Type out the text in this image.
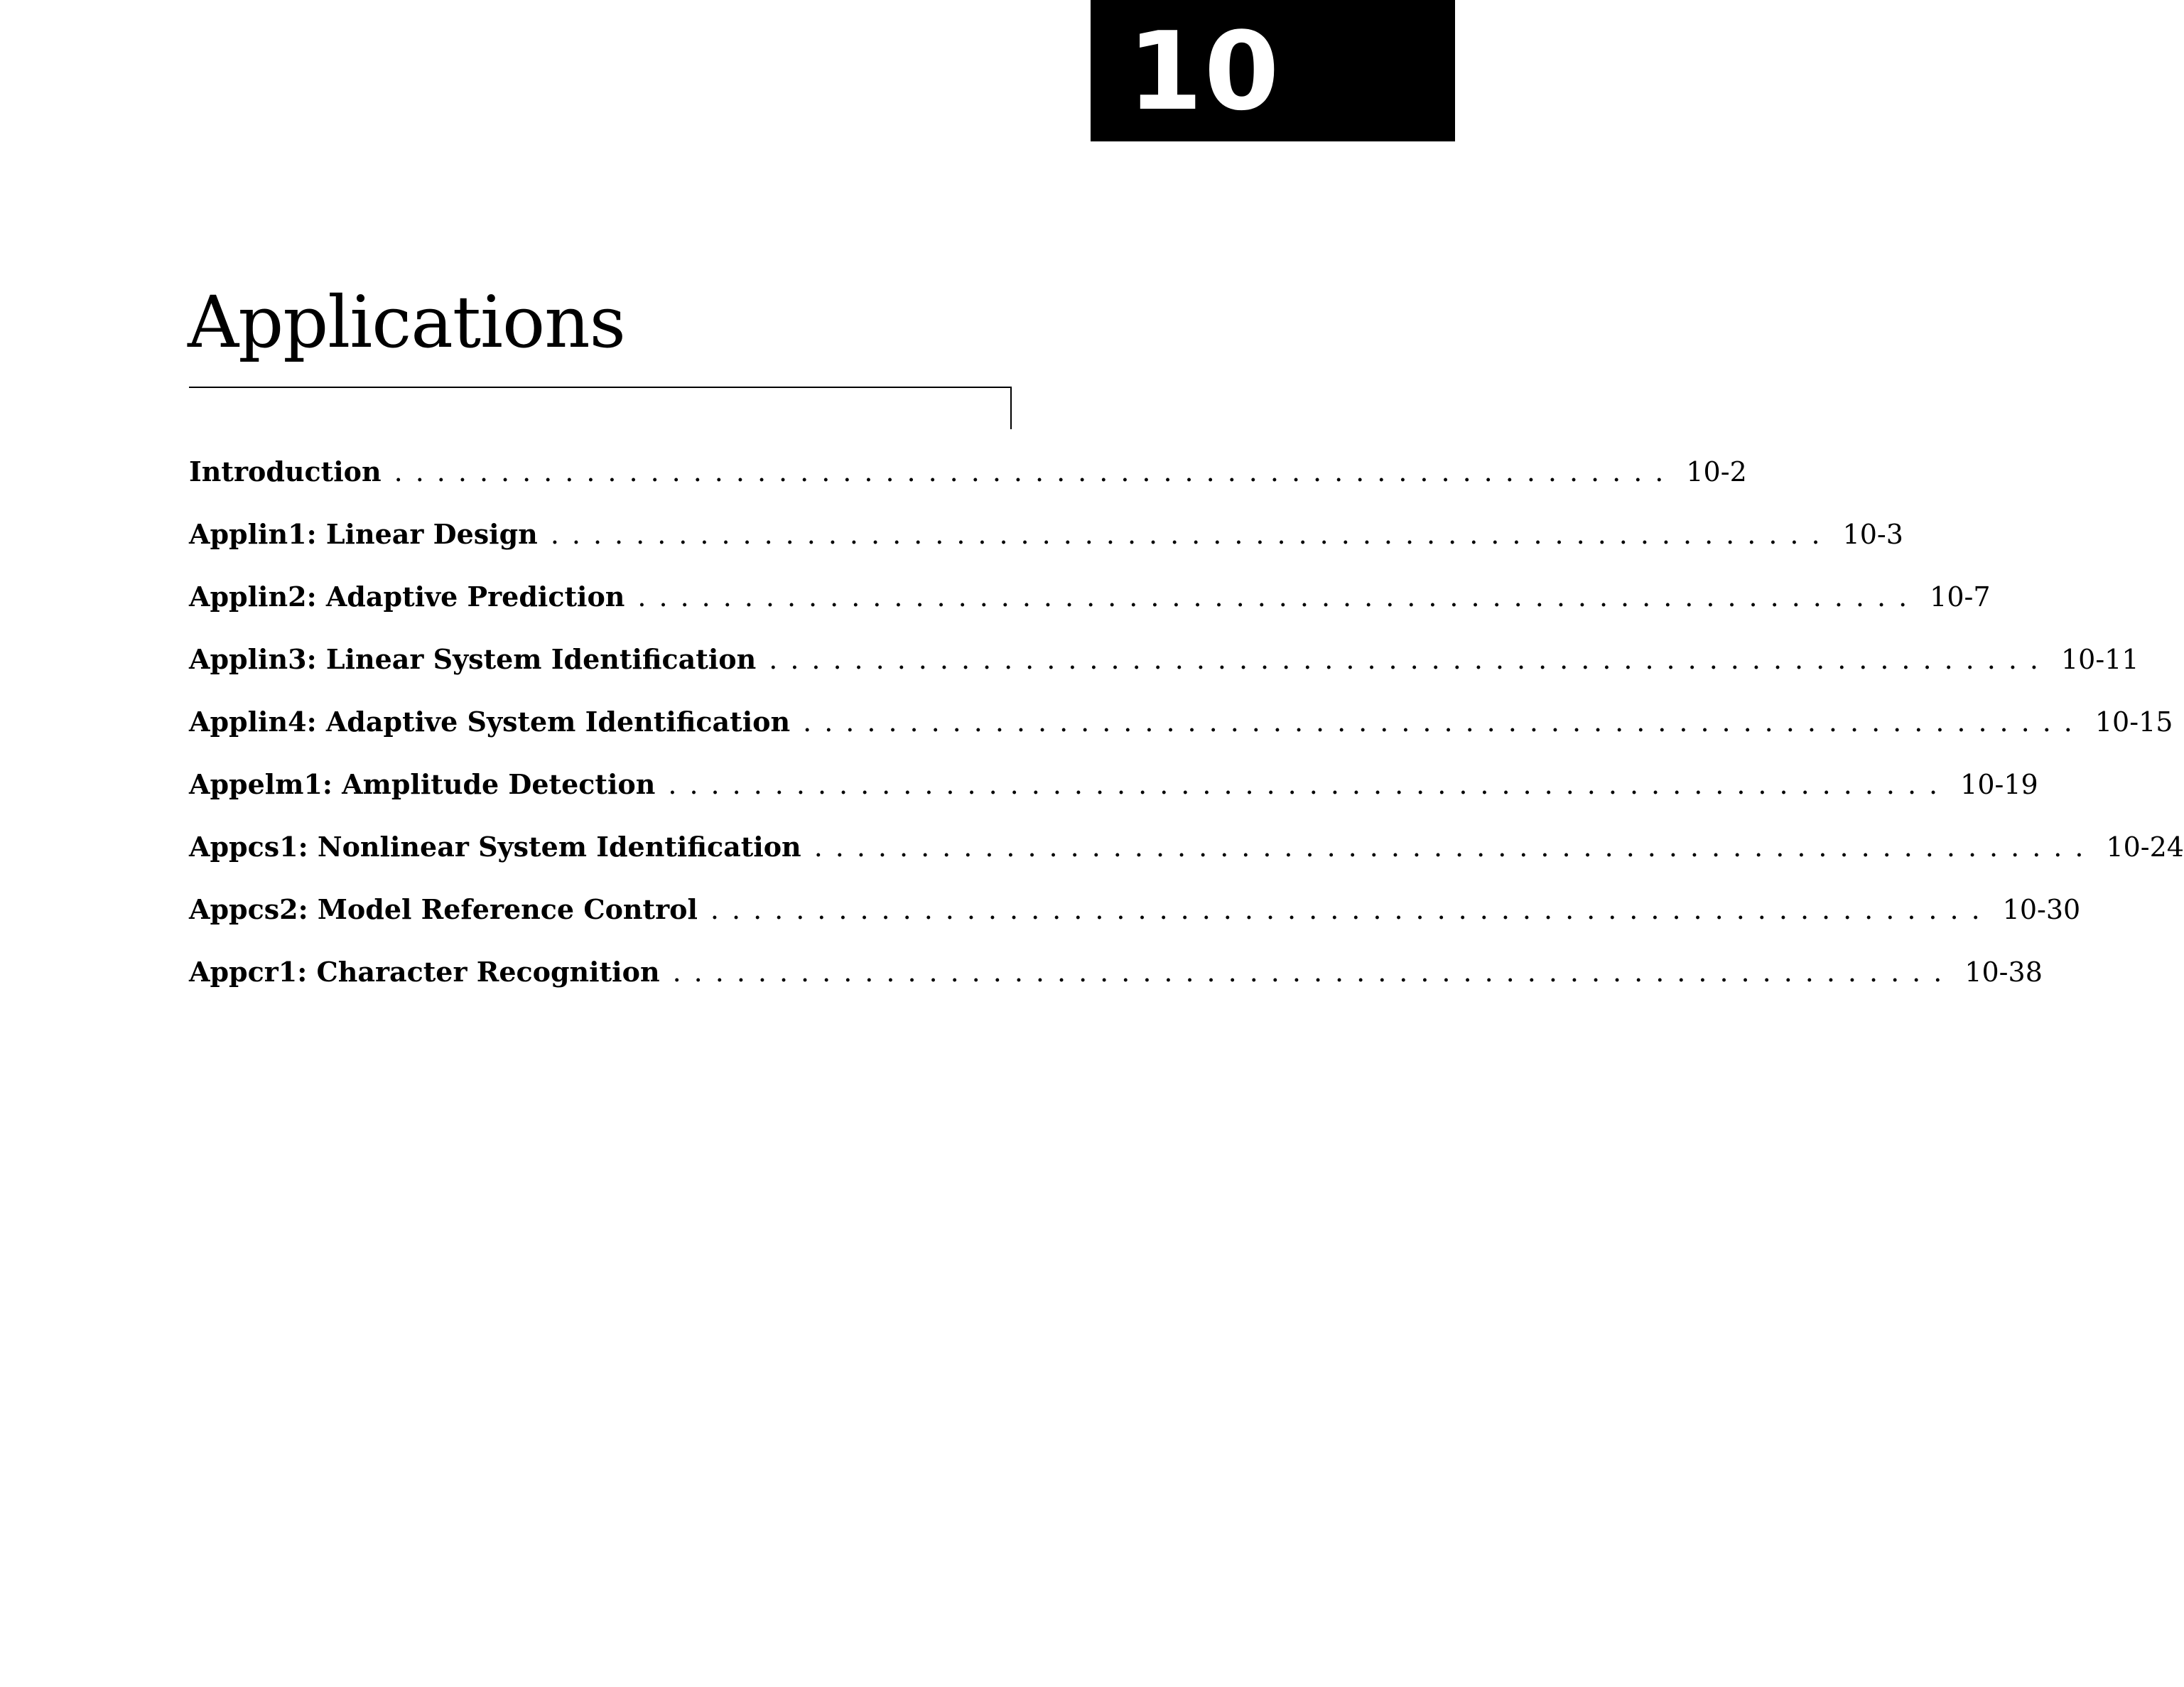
10
Applications
Introduction ............................................................ 10-2
Applin1: Linear Design ............................................................ 10-3
Applin2: Adaptive Prediction ............................................................ 10-7
Applin3: Linear System Identification ............................................................ 10-11
Applin4: Adaptive System Identification ............................................................ 10-15
Appelm1: Amplitude Detection ............................................................ 10-19
Appcs1: Nonlinear System Identification ............................................................ 10-24
Appcs2: Model Reference Control ............................................................ 10-30
Appcr1: Character Recognition ............................................................ 10-38
